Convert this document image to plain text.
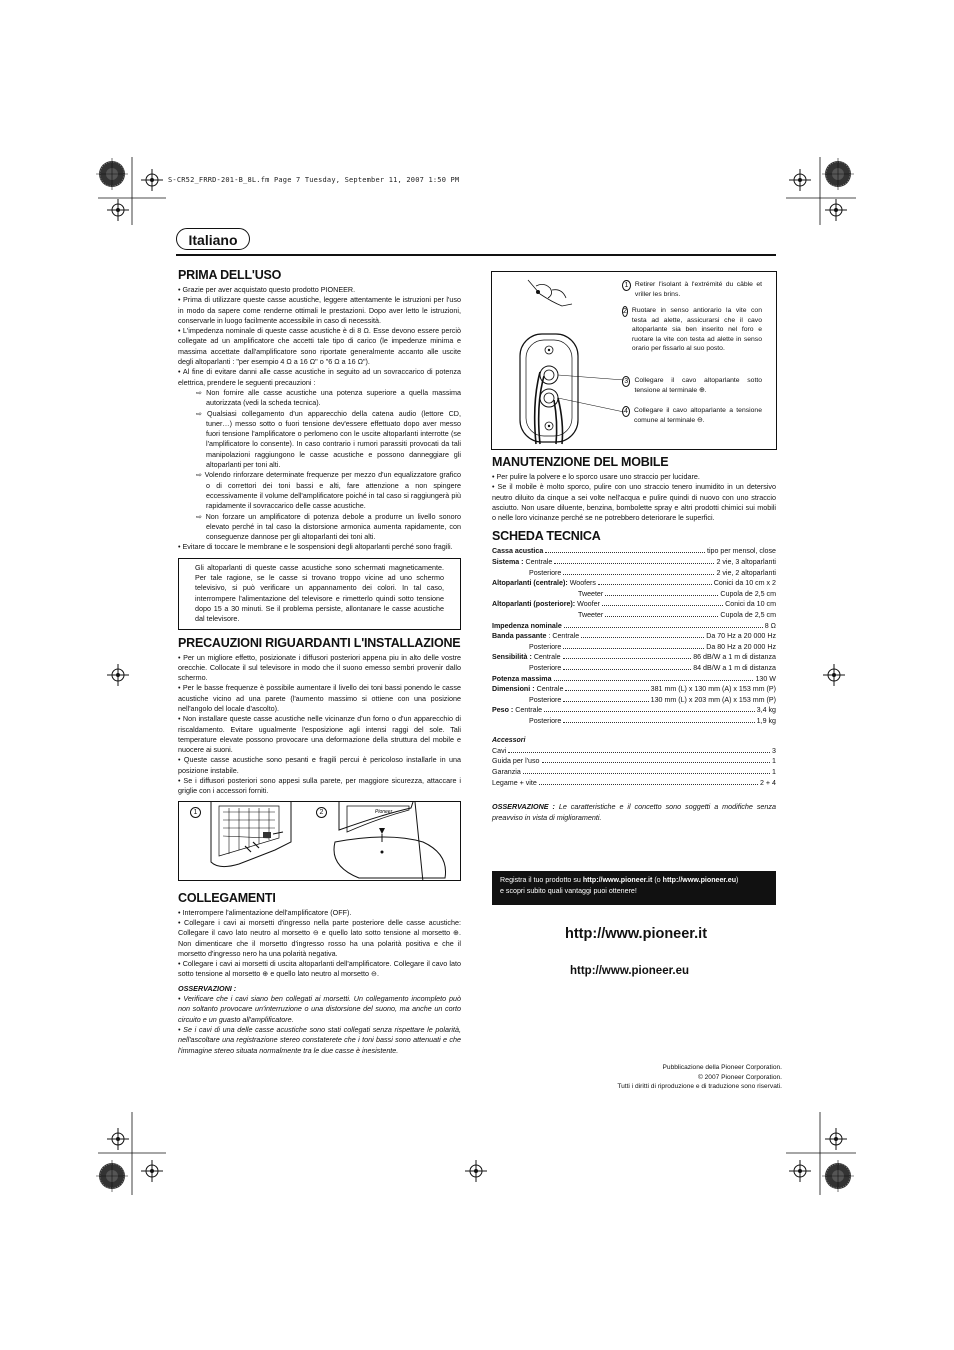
S-CR52_FRRD-201-B_8L.fm Page 7 Tuesday, September 11, 2007 1:50 PM
Italiano
PRIMA DELL'USO

• Grazie per aver acquistato questo prodotto PIONEER.

• Prima di utilizzare queste casse acustiche, leggere attentamente le istruzioni per l'uso in modo da sapere come renderne ottimali le prestazioni. Dopo aver letto le istruzioni, conservarle in luogo facilmente accessibile in caso di necessità.

• L'impedenza nominale di queste casse acustiche è di 8 Ω. Esse devono essere perciò collegate ad un amplificatore che accetti tale tipo di carico (le impedenze minima e massima accettate dall'amplificatore sono riportate generalmente accanto alle uscite degli altoparlanti : "per esempio 4 Ω a 16 Ω" o "6 Ω a 16 Ω").

• Al fine di evitare danni alle casse acustiche in seguito ad un sovraccarico di potenza elettrica, prendere le seguenti precauzioni :

⇨ Non fornire alle casse acustiche una potenza superiore a quella massima autorizzata (vedi la scheda tecnica).

⇨ Qualsiasi collegamento d'un apparecchio della catena audio (lettore CD, tuner…) messo sotto o fuori tensione dev'essere effettuato dopo aver messo fuori tensione l'amplificatore o perlomeno con le uscite altoparlanti interrotte (se l'amplificatore lo consente). In caso contrario i rumori parassiti provocati da tali manipolazioni raggiungono le casse acustiche e possono danneggiare gli altoparlanti per toni alti.

⇨ Volendo rinforzare determinate frequenze per mezzo d'un equalizzatore grafico o di correttori dei toni bassi e alti, fare attenzione a non spingere eccessivamente il volume dell'amplificatore poiché in tal caso si raggiungerà più rapidamente il sovraccarico delle casse acustiche.

⇨ Non forzare un amplificatore di potenza debole a produrre un livello sonoro elevato perché in tal caso la distorsione armonica aumenta rapidamente, con conseguenze dannose per gli altoparlanti dei toni alti.

• Evitare di toccare le membrane e le sospensioni degli altoparlanti perché sono fragili.

Gli altoparlanti di queste casse acustiche sono schermati magneticamente. Per tale ragione, se le casse si trovano troppo vicine ad uno schermo televisivo, si può verificare un appannamento dei colori. In tal caso, interrompere l'alimentazione del televisore e rimetterlo quindi sotto tensione dopo 15 a 30 minuti. Se il problema persiste, allontanare le casse acustiche dal televisore.

PRECAUZIONI RIGUARDANTI L'INSTALLAZIONE

• Per un migliore effetto, posizionate i diffusori posteriori appena piu in alto delle vostre orecchie. Collocate il sul televisore in modo che il suono emesso sembri provenir dallo schermo.

• Per le basse frequenze è possibile aumentare il livello dei toni bassi ponendo le casse acustiche vicino ad una parete (l'aumento massimo si ottiene con una posizione nell'angolo del locale d'ascolto).

• Non installare queste casse acustiche nelle vicinanze d'un forno o d'un apparecchio di riscaldamento. Evitare ugualmente l'esposizione agli intensi raggi del sole. Tali temperature elevate possono provocare una deformazione della struttura del mobile e nuocere ai suoni.

• Queste casse acustiche sono pesanti e fragili percui è pericoloso installarle in una posizione instabile.

• Se i diffusori posteriori sono appesi sulla parete, per maggiore sicurezza, attaccare i griglie con i accessori forniti.

1	2	Pioneer
COLLEGAMENTI

• Interrompere l'alimentazione dell'amplificatore (OFF).

• Collegare i cavi ai morsetti d'ingresso nella parte posteriore delle casse acustiche: Collegare il cavo lato neutro al morsetto ⊖ e quello lato sotto tensione al morsetto ⊕. Non dimenticare che il morsetto d'ingresso rosso ha una polarità positiva e che il morsetto d'ingresso nero ha una polarità negativa.

• Collegare i cavi ai morsetti di uscita altoparlanti dell'amplificatore. Collegare il cavo lato sotto tensione al morsetto ⊕ e quello lato neutro al morsetto ⊖.

OSSERVAZIONI :

• Verificare che i cavi siano ben collegati ai morsetti. Un collegamento incompleto può non soltanto provocare un'interruzione o una distorsione del suono, ma anche un corto circuito e un guasto all'amplificatore.

• Se i cavi di una delle casse acustiche sono stati collegati senza rispettare le polarità, nell'ascoltare una registrazione stereo constaterete che i toni bassi sono attenuati e che l'immagine stereo situata normalmente tra le due casse è inesistente.

1 Retirer l'isolant à l'extrémité du câble et vriller les brins.
2 Ruotare in senso antiorario la vite con testa ad alette, assicurarsi che il cavo altoparlante sia ben inserito nel foro e ruotare la vite con testa ad alette in senso orario per fissarlo al suo posto.
3 Collegare il cavo altoparlante sotto tensione al terminale ⊕.
4 Collegare il cavo altoparlante a tensione comune al terminale ⊖.
MANUTENZIONE DEL MOBILE

• Per pulire la polvere e lo sporco usare uno straccio per lucidare.

• Se il mobile è molto sporco, pulire con uno straccio tenero inumidito in un detersivo neutro diluito da cinque a sei volte nell'acqua e pulire quindi di nuovo con uno straccio asciutto. Non usare diluente, benzina, bombolette spray e altri prodotti chimici sui mobili o nelle loro vicinanze perché se ne potrebbero deteriorare le superfici.

SCHEDA TECNICA
Cassa acustica	tipo per mensol, close
Sistema : Centrale	2 vie, 3 altoparlanti
Posteriore	2 vie, 2 altoparlanti
Altoparlanti (centrale): Woofers	Conici da 10 cm x 2
Tweeter	Cupola de 2,5 cm
Altoparlanti (posteriore): Woofer	Conici da 10 cm
Tweeter	Cupola de 2,5 cm
Impedenza nominale	8 Ω
Banda passante : Centrale	Da 70 Hz a 20 000 Hz
Posteriore	Da 80 Hz a 20 000 Hz
Sensibilità : Centrale	86 dB/W a 1 m di distanza
Posteriore	84 dB/W a 1 m di distanza
Potenza massima	130 W
Dimensioni : Centrale	381 mm (L) x 130 mm (A) x 153 mm (P)
Posteriore	130 mm (L) x 203 mm (A) x 153 mm (P)
Peso : Centrale	3,4 kg
Posteriore	1,9 kg

Accessori

Cavi	3
Guida per l'uso	1
Garanzia	1
Legame + vite	2 + 4

OSSERVAZIONE : Le caratteristiche e il concetto sono soggetti a modifiche senza preavviso in vista di miglioramenti.

Registra il tuo prodotto su http://www.pioneer.it (o http://www.pioneer.eu)
e scopri subito quali vantaggi puoi ottenere!
http://www.pioneer.it
http://www.pioneer.eu
Pubblicazione della Pioneer Corporation.
© 2007 Pioneer Corporation.
Tutti i diritti di riproduzione e di traduzione sono riservati.
